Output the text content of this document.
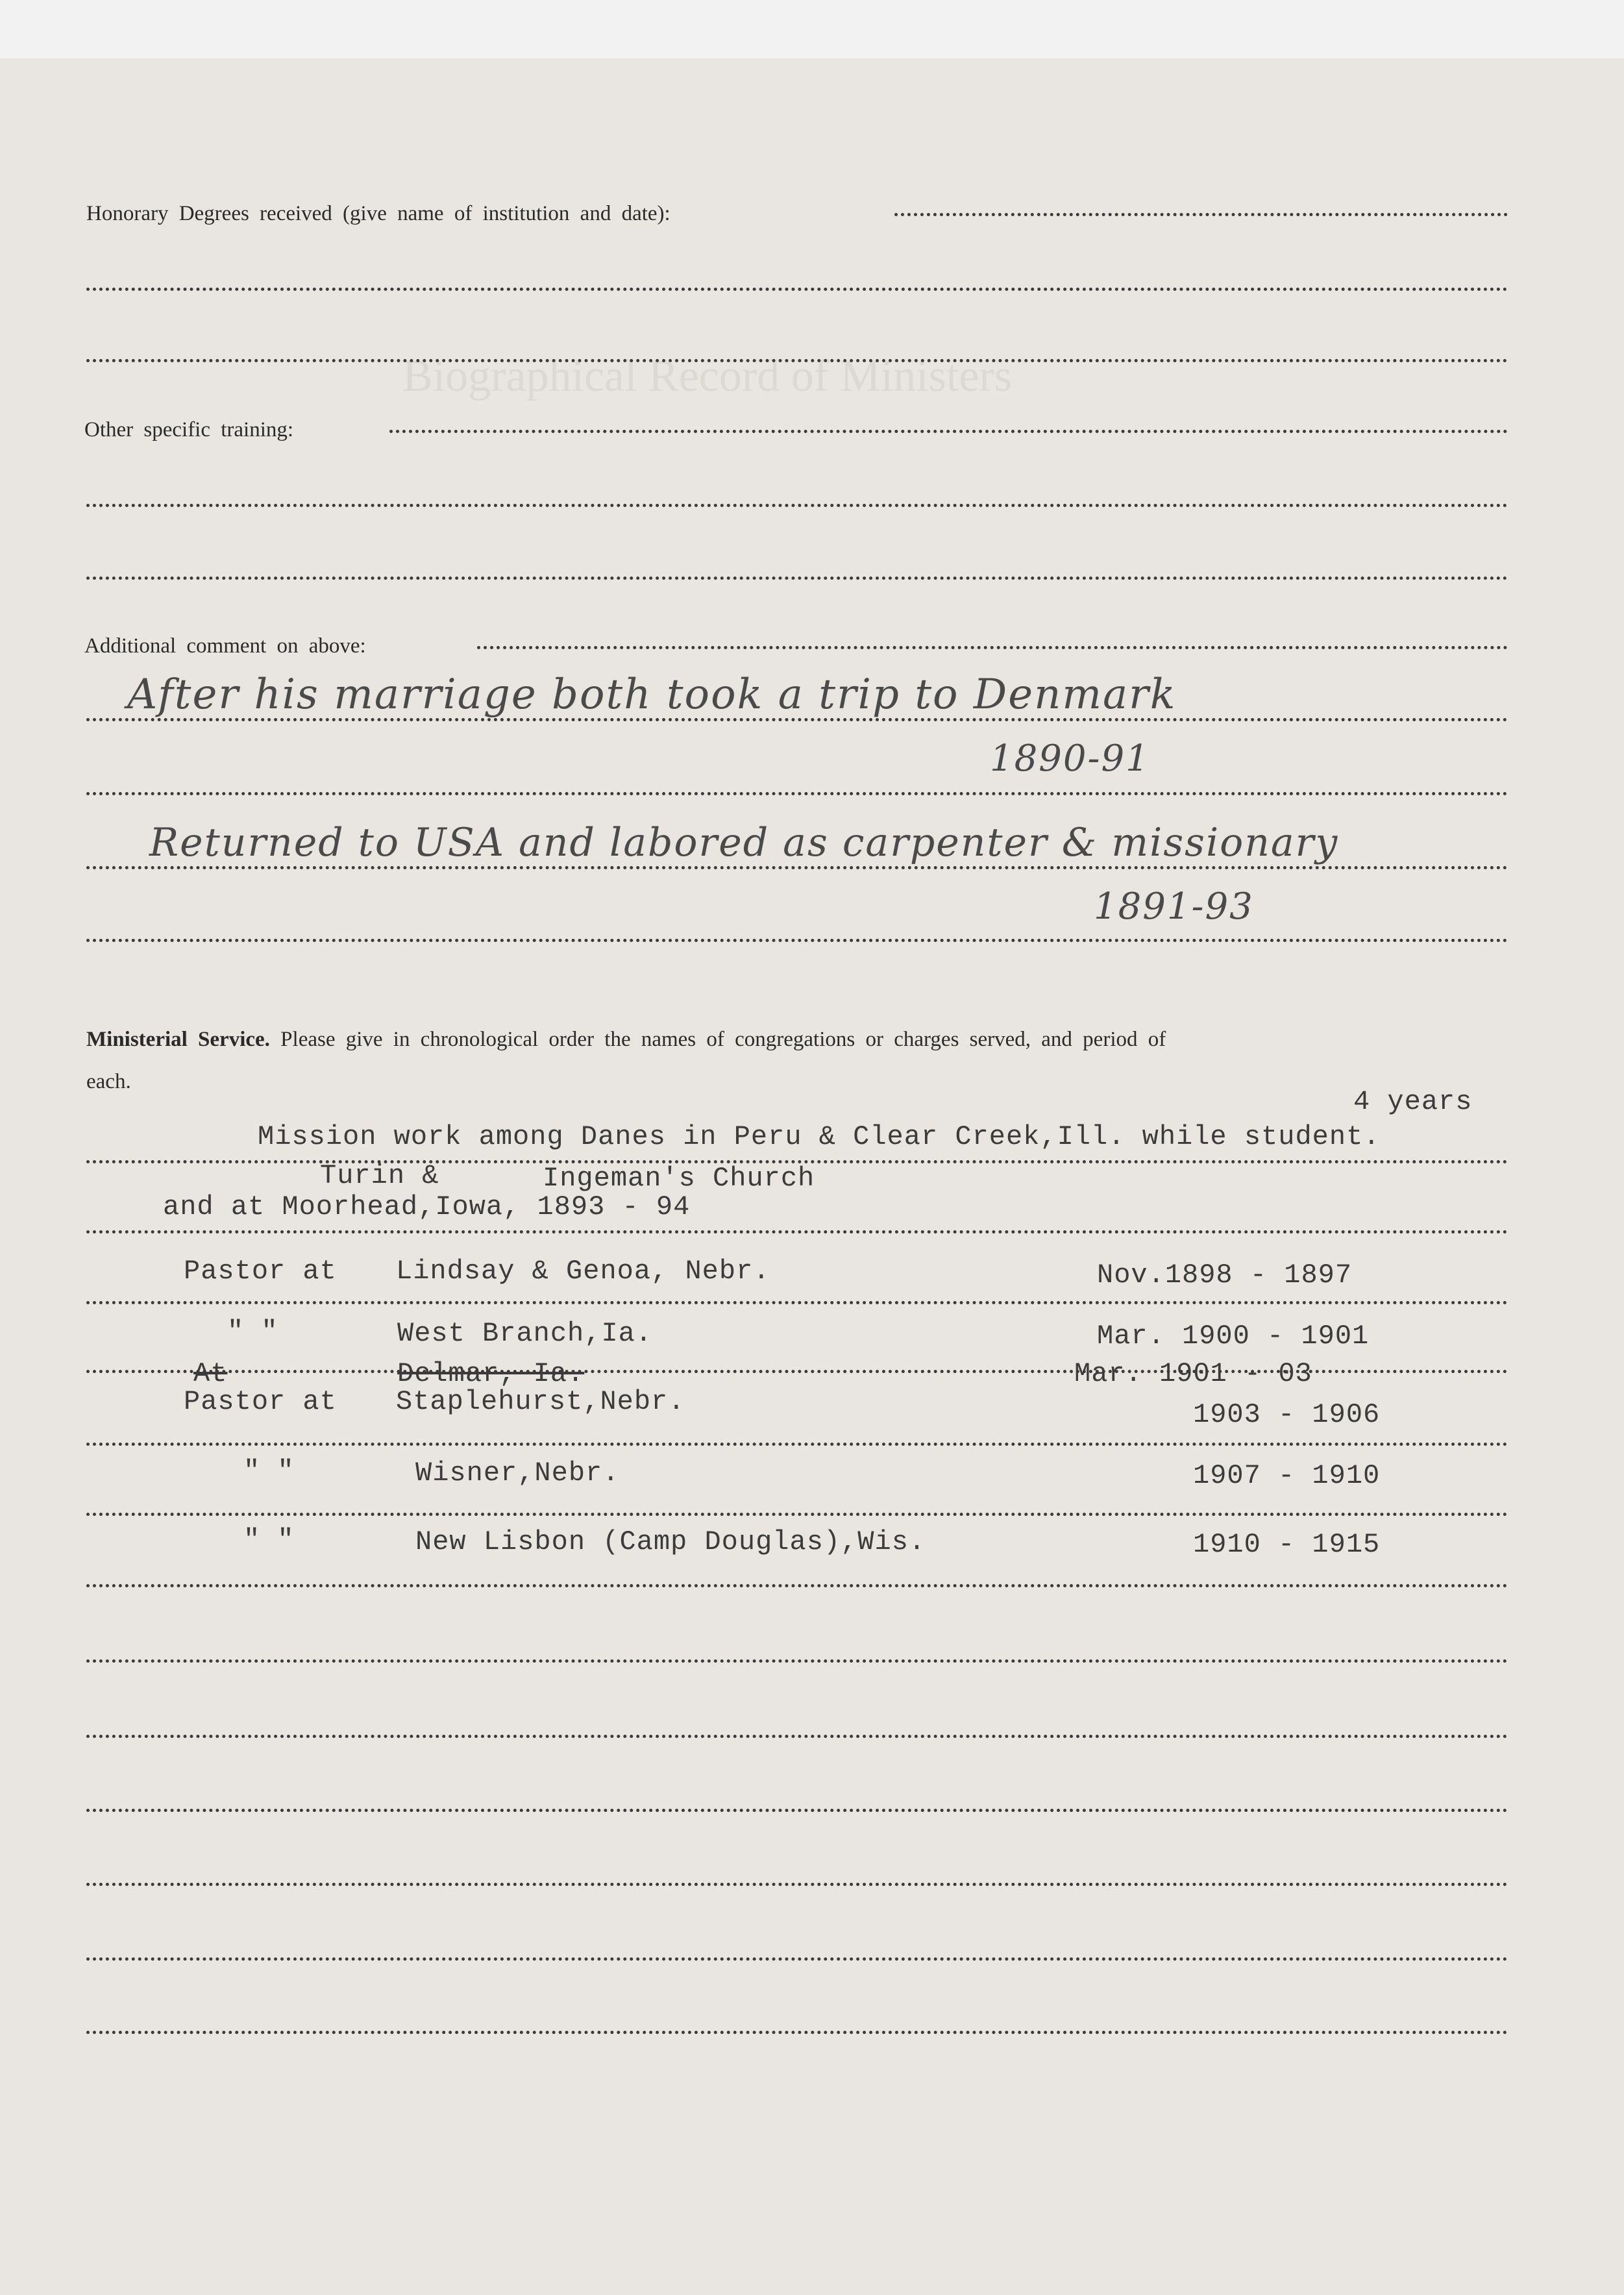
Biographical Record of Ministers
Honorary Degrees received (give name of institution and date):
Other specific training:
Additional comment on above:
After his marriage both took a trip to Denmark
1890-91
Returned to USA and labored as carpenter & missionary
1891-93
Ministerial Service. Please give in chronological order the names of congregations or charges served, and period of
each.
4 years
Mission work among Danes in Peru & Clear Creek,Ill. while student.
Turin &	Ingeman's Church
and at Moorhead,Iowa, 1893 - 94
Pastor at Lindsay & Genoa, Nebr.	Nov.1898 - 1897
" "	West Branch,Ia.	Mar. 1900 - 1901
At	Delmar, Ia.	Mar. 1901 - 03
Pastor at Staplehurst,Nebr.	1903 - 1906
" "	Wisner,Nebr.	1907 - 1910
" "	New Lisbon (Camp Douglas),Wis.	1910 - 1915
